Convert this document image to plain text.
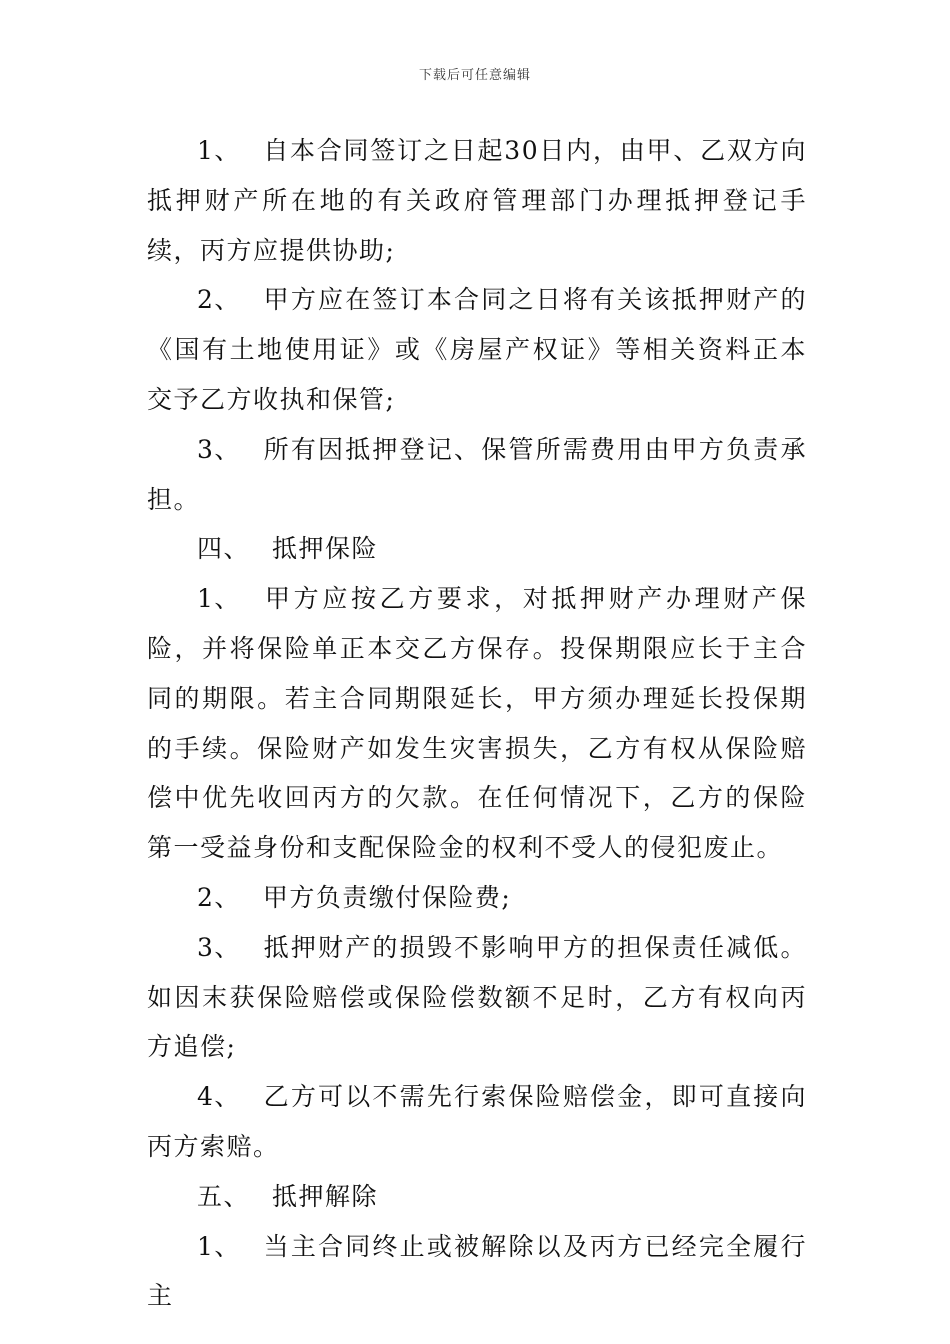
下载后可任意编辑

1、 自本合同签订之日起30日内，由甲、乙双方向抵押财产所在地的有关政府管理部门办理抵押登记手续，丙方应提供协助;

2、 甲方应在签订本合同之日将有关该抵押财产的《国有土地使用证》或《房屋产权证》等相关资料正本交予乙方收执和保管;

3、 所有因抵押登记、保管所需费用由甲方负责承担。

四、 抵押保险

1、 甲方应按乙方要求，对抵押财产办理财产保险，并将保险单正本交乙方保存。投保期限应长于主合同的期限。若主合同期限延长，甲方须办理延长投保期的手续。保险财产如发生灾害损失，乙方有权从保险赔偿中优先收回丙方的欠款。在任何情况下，乙方的保险第一受益身份和支配保险金的权利不受人的侵犯废止。

2、 甲方负责缴付保险费;

3、 抵押财产的损毁不影响甲方的担保责任减低。如因末获保险赔偿或保险偿数额不足时，乙方有权向丙方追偿;

4、 乙方可以不需先行索保险赔偿金，即可直接向丙方索赔。

五、 抵押解除

1、 当主合同终止或被解除以及丙方已经完全履行主
